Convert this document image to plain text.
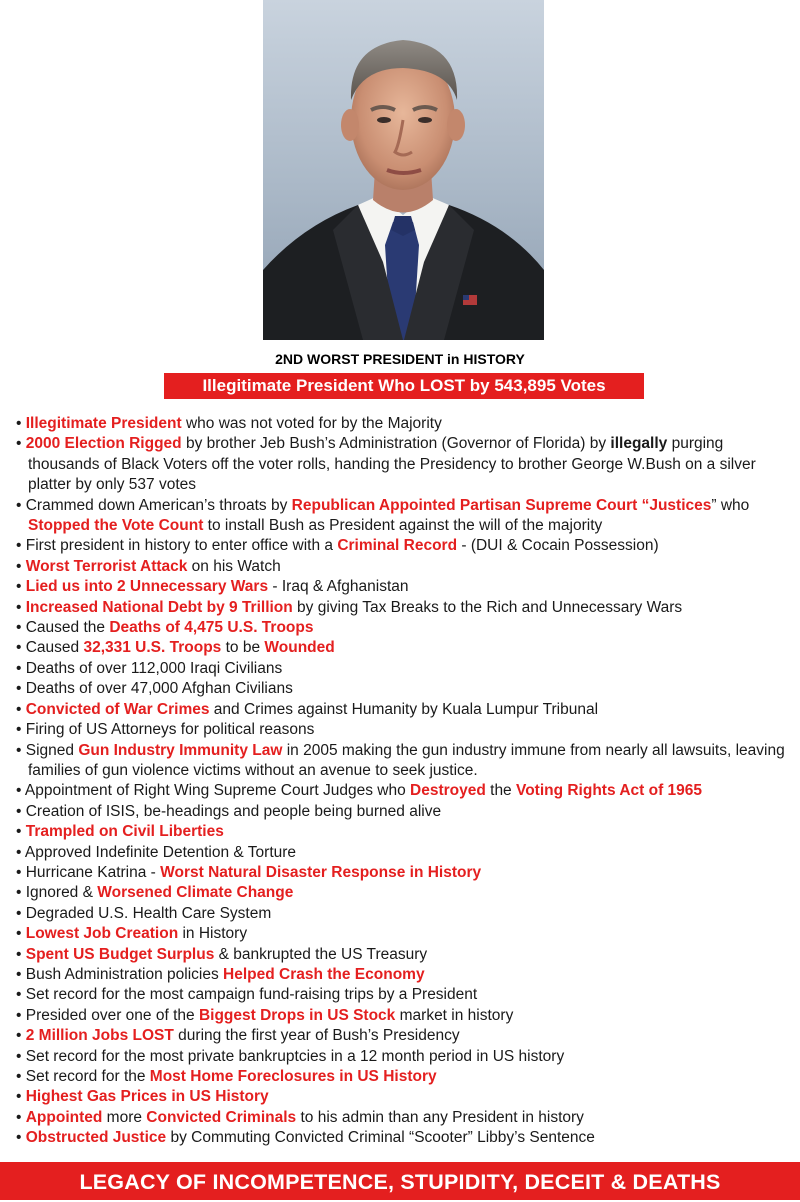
2ND WORST PRESIDENT in HISTORY
Illegitimate President Who LOST by 543,895 Votes
• Illegitimate President who was not voted for by the Majority
• 2000 Election Rigged by brother Jeb Bush’s Administration (Governor of Florida) by illegally purging thousands of Black Voters off the voter rolls, handing the Presidency to brother George W.Bush on a silver platter by only 537 votes
• Crammed down American’s throats by Republican Appointed Partisan Supreme Court “Justices” who Stopped the Vote Count to install Bush as President against the will of the majority
• First president in history to enter office with a Criminal Record - (DUI & Cocain Possession)
• Worst Terrorist Attack on his Watch
• Lied us into 2 Unnecessary Wars - Iraq & Afghanistan
• Increased National Debt by 9 Trillion by giving Tax Breaks to the Rich and Unnecessary Wars
• Caused the Deaths of 4,475 U.S. Troops
• Caused 32,331 U.S. Troops to be Wounded
• Deaths of over 112,000 Iraqi Civilians
• Deaths of over 47,000 Afghan Civilians
• Convicted of War Crimes and Crimes against Humanity by Kuala Lumpur Tribunal
• Firing of US Attorneys for political reasons
• Signed Gun Industry Immunity Law in 2005 making the gun industry immune from nearly all lawsuits, leaving families of gun violence victims without an avenue to seek justice.
• Appointment of Right Wing Supreme Court Judges who Destroyed the Voting Rights Act of 1965
• Creation of ISIS, be-headings and people being burned alive
• Trampled on Civil Liberties
• Approved Indefinite Detention & Torture
• Hurricane Katrina - Worst Natural Disaster Response in History
• Ignored & Worsened Climate Change
• Degraded U.S. Health Care System
• Lowest Job Creation in History
• Spent US Budget Surplus & bankrupted the US Treasury
• Bush Administration policies Helped Crash the Economy
• Set record for the most campaign fund-raising trips by a President
• Presided over one of the Biggest Drops in US Stock market in history
• 2 Million Jobs LOST during the first year of Bush’s Presidency
• Set record for the most private bankruptcies in a 12 month period in US history
• Set record for the Most Home Foreclosures in US History
• Highest Gas Prices in US History
• Appointed more Convicted Criminals to his admin than any President in history
• Obstructed Justice by Commuting Convicted Criminal “Scooter” Libby’s Sentence
LEGACY OF INCOMPETENCE, STUPIDITY, DECEIT & DEATHS
